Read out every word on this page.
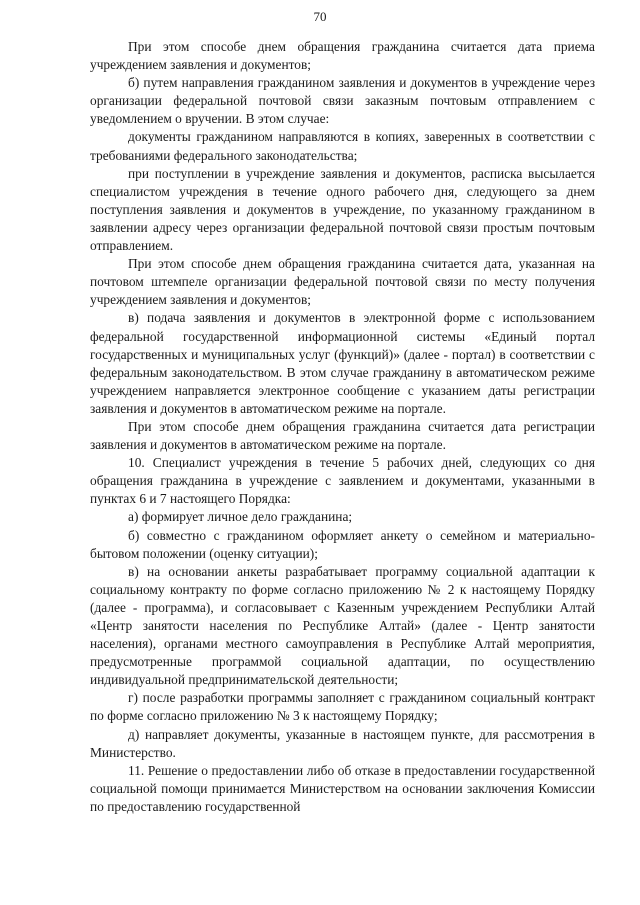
70

При этом способе днем обращения гражданина считается дата приема учреждением заявления и документов;

б) путем направления гражданином заявления и документов в учреждение через организации федеральной почтовой связи заказным почтовым отправлением с уведомлением о вручении. В этом случае:

документы гражданином направляются в копиях, заверенных в соответствии с требованиями федерального законодательства;

при поступлении в учреждение заявления и документов, расписка высылается специалистом учреждения в течение одного рабочего дня, следующего за днем поступления заявления и документов в учреждение, по указанному гражданином в заявлении адресу через организации федеральной почтовой связи простым почтовым отправлением.

При этом способе днем обращения гражданина считается дата, указанная на почтовом штемпеле организации федеральной почтовой связи по месту получения учреждением заявления и документов;

в) подача заявления и документов в электронной форме с использованием федеральной государственной информационной системы «Единый портал государственных и муниципальных услуг (функций)» (далее - портал) в соответствии с федеральным законодательством. В этом случае гражданину в автоматическом режиме учреждением направляется электронное сообщение с указанием даты регистрации заявления и документов в автоматическом режиме на портале.

При этом способе днем обращения гражданина считается дата регистрации заявления и документов в автоматическом режиме на портале.

10. Специалист учреждения в течение 5 рабочих дней, следующих со дня обращения гражданина в учреждение с заявлением и документами, указанными в пунктах 6 и 7 настоящего Порядка:

а) формирует личное дело гражданина;

б) совместно с гражданином оформляет анкету о семейном и материально-бытовом положении (оценку ситуации);

в) на основании анкеты разрабатывает программу социальной адаптации к социальному контракту по форме согласно приложению № 2 к настоящему Порядку (далее - программа), и согласовывает с Казенным учреждением Республики Алтай «Центр занятости населения по Республике Алтай» (далее - Центр занятости населения), органами местного самоуправления в Республике Алтай мероприятия, предусмотренные программой социальной адаптации, по осуществлению индивидуальной предпринимательской деятельности;

г) после разработки программы заполняет с гражданином социальный контракт по форме согласно приложению № 3 к настоящему Порядку;

д) направляет документы, указанные в настоящем пункте, для рассмотрения в Министерство.

11. Решение о предоставлении либо об отказе в предоставлении государственной социальной помощи принимается Министерством на основании заключения Комиссии по предоставлению государственной
